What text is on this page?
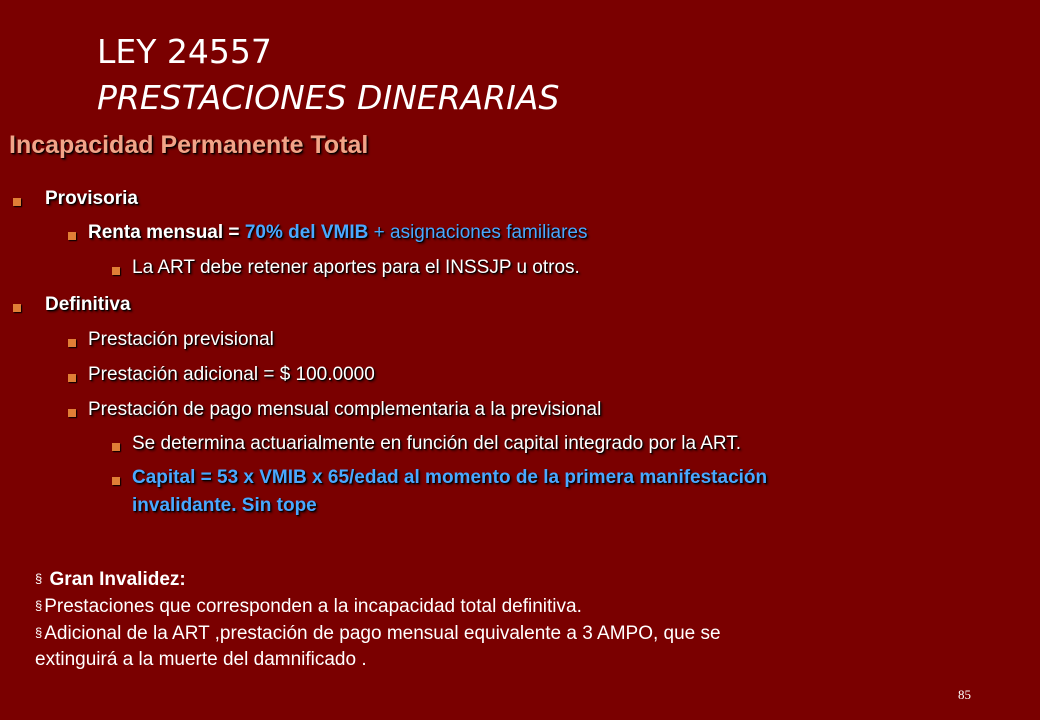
LEY 24557
PRESTACIONES DINERARIAS
Incapacidad Permanente Total
Provisoria
Renta mensual = 70% del VMIB + asignaciones familiares
La ART debe retener aportes para el INSSJP u otros.
Definitiva
Prestación previsional
Prestación adicional = $ 100.0000
Prestación de pago mensual complementaria a la previsional
Se determina actuarialmente en función del capital integrado por la ART.
Capital = 53 x VMIB x 65/edad al momento de la primera manifestación
invalidante. Sin tope
§ Gran Invalidez:
§ Prestaciones que corresponden a la incapacidad total definitiva.
§ Adicional de la ART ,prestación de pago mensual equivalente a 3 AMPO, que se
extinguirá a la muerte del damnificado .
85
